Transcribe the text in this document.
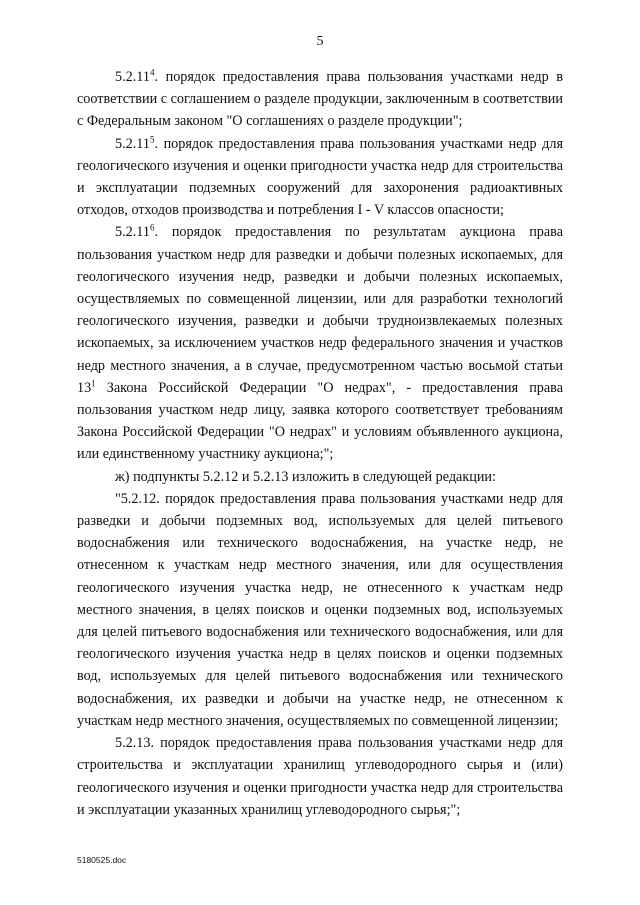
5

5.2.11$^4$. порядок предоставления права пользования участками недр в соответствии с соглашением о разделе продукции, заключенным в соответствии с Федеральным законом "О соглашениях о разделе продукции";

5.2.11$^5$. порядок предоставления права пользования участками недр для геологического изучения и оценки пригодности участка недр для строительства и эксплуатации подземных сооружений для захоронения радиоактивных отходов, отходов производства и потребления I - V классов опасности;

5.2.11$^6$. порядок предоставления по результатам аукциона права пользования участком недр для разведки и добычи полезных ископаемых, для геологического изучения недр, разведки и добычи полезных ископаемых, осуществляемых по совмещенной лицензии, или для разработки технологий геологического изучения, разведки и добычи трудноизвлекаемых полезных ископаемых, за исключением участков недр федерального значения и участков недр местного значения, а в случае, предусмотренном частью восьмой статьи $13^1$ Закона Российской Федерации "О недрах", - предоставления права пользования участком недр лицу, заявка которого соответствует требованиям Закона Российской Федерации "О недрах" и условиям объявленного аукциона, или единственному участнику аукциона;";

ж) подпункты 5.2.12 и 5.2.13 изложить в следующей редакции:

"5.2.12. порядок предоставления права пользования участками недр для разведки и добычи подземных вод, используемых для целей питьевого водоснабжения или технического водоснабжения, на участке недр, не отнесенном к участкам недр местного значения, или для осуществления геологического изучения участка недр, не отнесенного к участкам недр местного значения, в целях поисков и оценки подземных вод, используемых для целей питьевого водоснабжения или технического водоснабжения, или для геологического изучения участка недр в целях поисков и оценки подземных вод, используемых для целей питьевого водоснабжения или технического водоснабжения, их разведки и добычи на участке недр, не отнесенном к участкам недр местного значения, осуществляемых по совмещенной лицензии;

5.2.13. порядок предоставления права пользования участками недр для строительства и эксплуатации хранилищ углеводородного сырья и (или) геологического изучения и оценки пригодности участка недр для строительства и эксплуатации указанных хранилищ углеводородного сырья;";

5180525.doc
